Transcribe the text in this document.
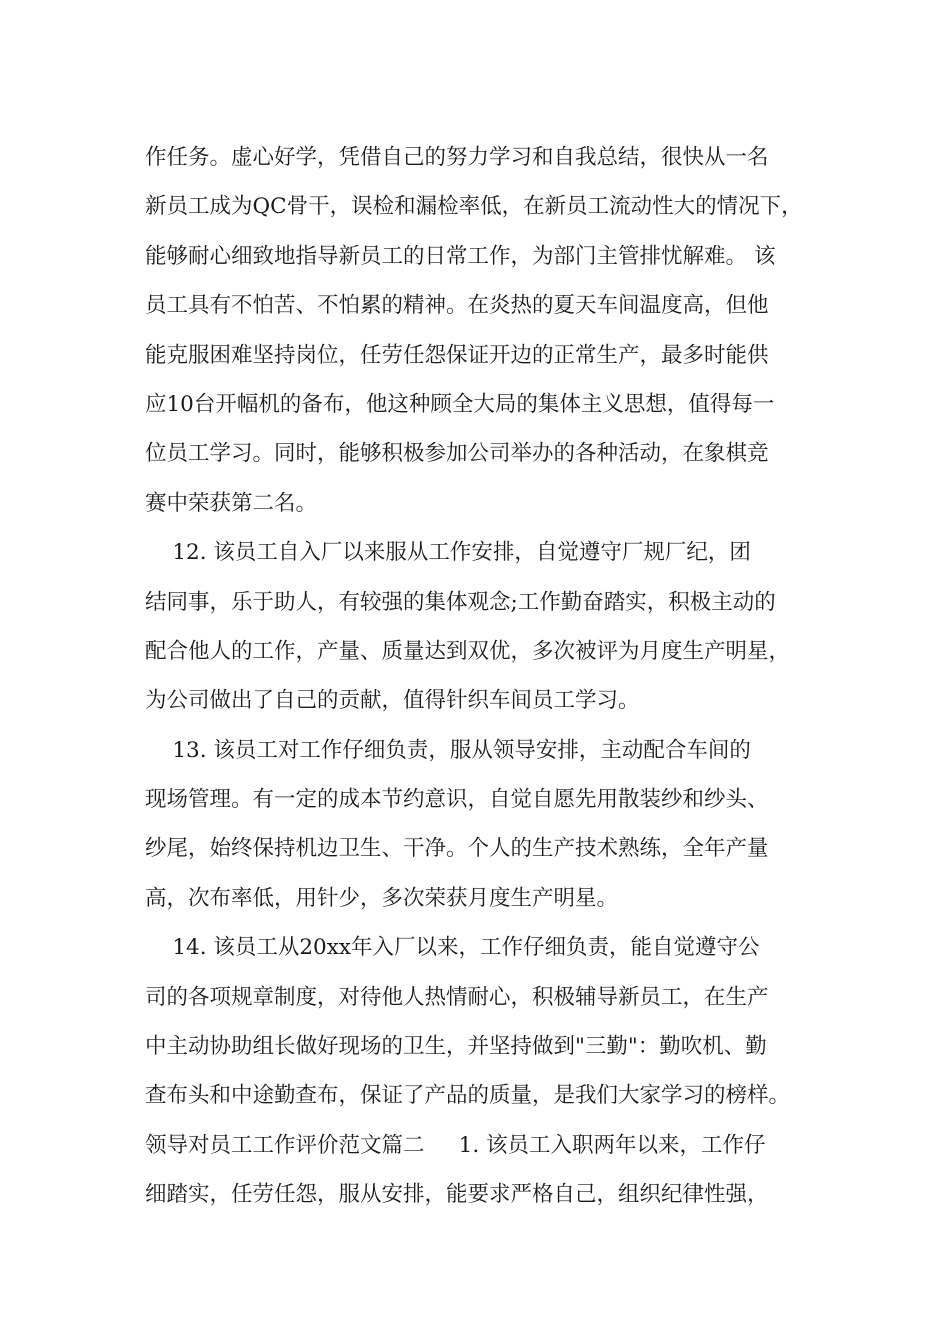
作任务。虚心好学，凭借自己的努力学习和自我总结，很快从一名
新员工成为QC骨干，误检和漏检率低，在新员工流动性大的情况下，
能够耐心细致地指导新员工的日常工作，为部门主管排忧解难。 该
员工具有不怕苦、不怕累的精神。在炎热的夏天车间温度高，但他
能克服困难坚持岗位，任劳任怨保证开边的正常生产，最多时能供
应10台开幅机的备布，他这种顾全大局的集体主义思想，值得每一
位员工学习。同时，能够积极参加公司举办的各种活动，在象棋竞
赛中荣获第二名。
12. 该员工自入厂以来服从工作安排，自觉遵守厂规厂纪，团
结同事，乐于助人，有较强的集体观念;工作勤奋踏实，积极主动的
配合他人的工作，产量、质量达到双优，多次被评为月度生产明星，
为公司做出了自己的贡献，值得针织车间员工学习。
13. 该员工对工作仔细负责，服从领导安排，主动配合车间的
现场管理。有一定的成本节约意识，自觉自愿先用散装纱和纱头、
纱尾，始终保持机边卫生、干净。个人的生产技术熟练，全年产量
高，次布率低，用针少，多次荣获月度生产明星。
14. 该员工从20xx年入厂以来，工作仔细负责，能自觉遵守公
司的各项规章制度，对待他人热情耐心，积极辅导新员工，在生产
中主动协助组长做好现场的卫生，并坚持做到"三勤"：勤吹机、勤
查布头和中途勤查布，保证了产品的质量，是我们大家学习的榜样。
领导对员工工作评价范文篇二     1. 该员工入职两年以来，工作仔
细踏实，任劳任怨，服从安排，能要求严格自己，组织纪律性强，
